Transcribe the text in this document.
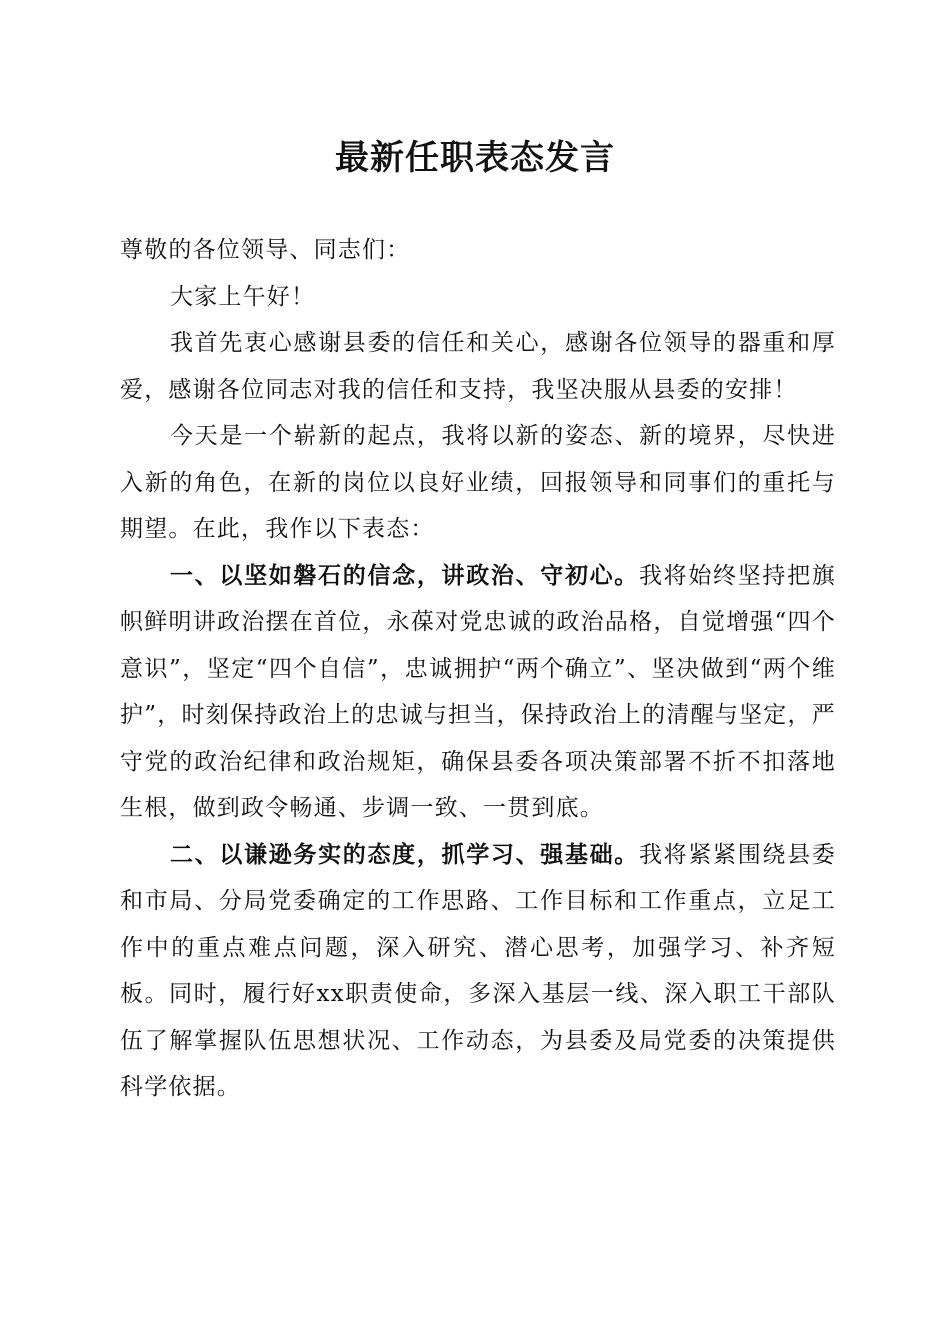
最新任职表态发言

尊敬的各位领导、同志们：

大家上午好！

我首先衷心感谢县委的信任和关心，感谢各位领导的器重和厚爱，感谢各位同志对我的信任和支持，我坚决服从县委的安排！

今天是一个崭新的起点，我将以新的姿态、新的境界，尽快进入新的角色，在新的岗位以良好业绩，回报领导和同事们的重托与期望。在此，我作以下表态：

一、以坚如磐石的信念，讲政治、守初心。我将始终坚持把旗帜鲜明讲政治摆在首位，永葆对党忠诚的政治品格，自觉增强“四个意识”，坚定“四个自信”，忠诚拥护“两个确立”、坚决做到“两个维护”，时刻保持政治上的忠诚与担当，保持政治上的清醒与坚定，严守党的政治纪律和政治规矩，确保县委各项决策部署不折不扣落地生根，做到政令畅通、步调一致、一贯到底。

二、以谦逊务实的态度，抓学习、强基础。我将紧紧围绕县委和市局、分局党委确定的工作思路、工作目标和工作重点，立足工作中的重点难点问题，深入研究、潜心思考，加强学习、补齐短板。同时，履行好xx职责使命，多深入基层一线、深入职工干部队伍了解掌握队伍思想状况、工作动态，为县委及局党委的决策提供科学依据。
